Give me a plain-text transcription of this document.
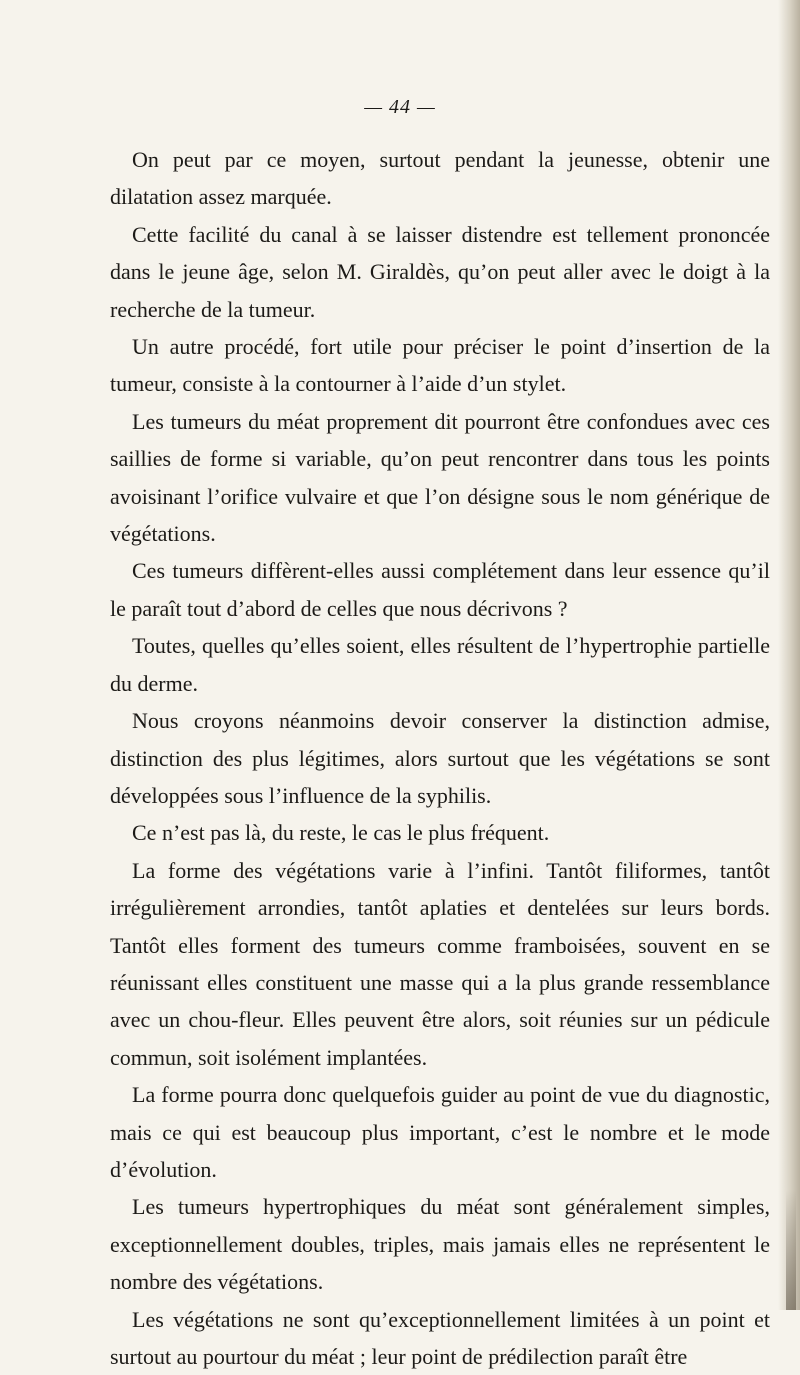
— 44 —

On peut par ce moyen, surtout pendant la jeunesse, obtenir une dilatation assez marquée.

Cette facilité du canal à se laisser distendre est tellement prononcée dans le jeune âge, selon M. Giraldès, qu’on peut aller avec le doigt à la recherche de la tumeur.

Un autre procédé, fort utile pour préciser le point d’insertion de la tumeur, consiste à la contourner à l’aide d’un stylet.

Les tumeurs du méat proprement dit pourront être confondues avec ces saillies de forme si variable, qu’on peut rencontrer dans tous les points avoisinant l’orifice vulvaire et que l’on désigne sous le nom générique de végétations.

Ces tumeurs diffèrent-elles aussi complétement dans leur essence qu’il le paraît tout d’abord de celles que nous décrivons ?

Toutes, quelles qu’elles soient, elles résultent de l’hypertrophie partielle du derme.

Nous croyons néanmoins devoir conserver la distinction admise, distinction des plus légitimes, alors surtout que les végétations se sont développées sous l’influence de la syphilis.

Ce n’est pas là, du reste, le cas le plus fréquent.

La forme des végétations varie à l’infini. Tantôt filiformes, tantôt irrégulièrement arrondies, tantôt aplaties et dentelées sur leurs bords. Tantôt elles forment des tumeurs comme framboisées, souvent en se réunissant elles constituent une masse qui a la plus grande ressemblance avec un chou-fleur. Elles peuvent être alors, soit réunies sur un pédicule commun, soit isolément implantées.

La forme pourra donc quelquefois guider au point de vue du diagnostic, mais ce qui est beaucoup plus important, c’est le nombre et le mode d’évolution.

Les tumeurs hypertrophiques du méat sont généralement simples, exceptionnellement doubles, triples, mais jamais elles ne représentent le nombre des végétations.

Les végétations ne sont qu’exceptionnellement limitées à un point et surtout au pourtour du méat ; leur point de prédilection paraît être
